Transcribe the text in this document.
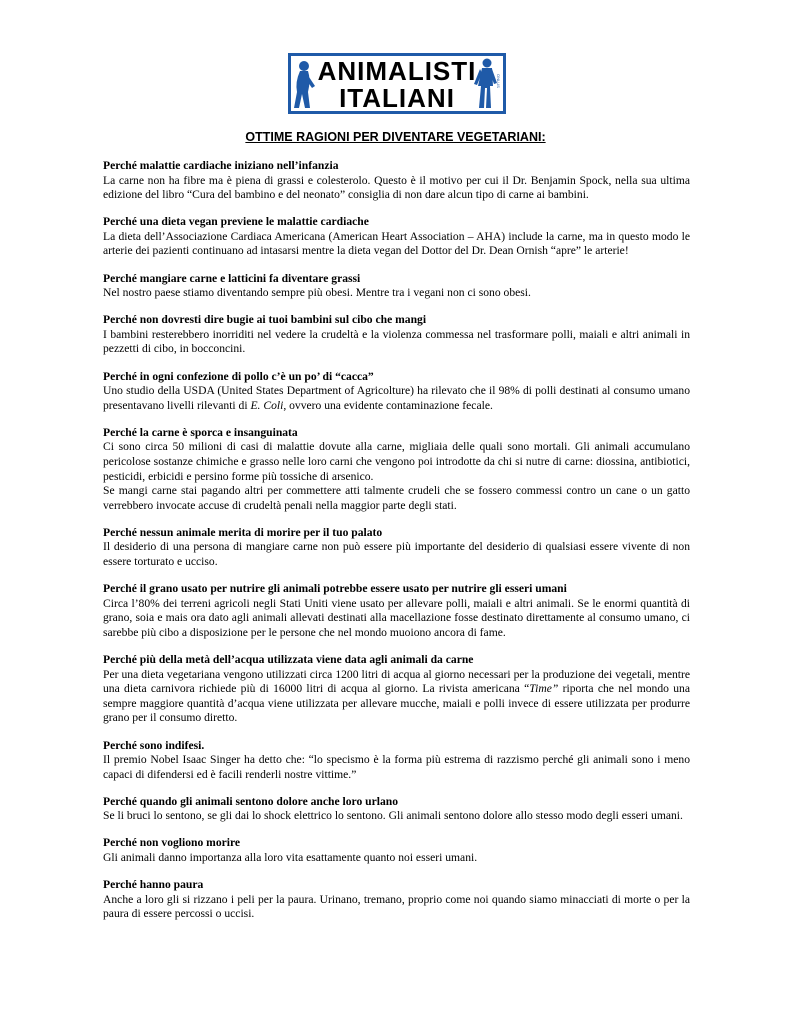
ONLUS
ANIMALISTI
ITALIANI
OTTIME RAGIONI PER DIVENTARE VEGETARIANI:
Perché malattie cardiache iniziano nell’infanzia

La carne non ha fibre ma è piena di grassi e colesterolo. Questo è il motivo per cui il Dr. Benjamin Spock, nella sua ultima edizione del libro “Cura del bambino e del neonato” consiglia di non dare alcun tipo di carne ai bambini.

Perché una dieta vegan previene le malattie cardiache

La dieta dell’Associazione Cardiaca Americana (American Heart Association – AHA) include la carne, ma in questo modo le arterie dei pazienti continuano ad intasarsi mentre la dieta vegan del Dottor del Dr. Dean Ornish “apre” le arterie!

Perché mangiare carne e latticini fa diventare grassi

Nel nostro paese stiamo diventando sempre più obesi. Mentre tra i vegani non ci sono obesi.

Perché non dovresti dire bugie ai tuoi bambini sul cibo che mangi

I bambini resterebbero inorriditi nel vedere la crudeltà e la violenza commessa nel trasformare polli, maiali e altri animali in pezzetti di cibo, in bocconcini.

Perché in ogni confezione di pollo c’è un po’ di “cacca”

Uno studio della USDA (United States Department of Agricolture) ha rilevato che il 98% di polli destinati al consumo umano presentavano livelli rilevanti di E. Coli, ovvero una evidente contaminazione fecale.

Perché la carne è sporca e insanguinata

Ci sono circa 50 milioni di casi di malattie dovute alla carne, migliaia delle quali sono mortali. Gli animali accumulano pericolose sostanze chimiche e grasso nelle loro carni che vengono poi introdotte da chi si nutre di carne: diossina, antibiotici, pesticidi, erbicidi e persino forme più tossiche di arsenico.

Se mangi carne stai pagando altri per commettere atti talmente crudeli che se fossero commessi contro un cane o un gatto verrebbero invocate accuse di crudeltà penali nella maggior parte degli stati.

Perché nessun animale merita di morire per il tuo palato

Il desiderio di una persona di mangiare carne non può essere più importante del desiderio di qualsiasi essere vivente di non essere torturato e ucciso.

Perché il grano usato per nutrire gli animali potrebbe essere usato per nutrire gli esseri umani

Circa l’80% dei terreni agricoli negli Stati Uniti viene usato per allevare polli, maiali e altri animali. Se le enormi quantità di grano, soia e mais ora dato agli animali allevati destinati alla macellazione fosse destinato direttamente al consumo umano, ci sarebbe più cibo a disposizione per le persone che nel mondo muoiono ancora di fame.

Perché più della metà dell’acqua utilizzata viene data agli animali da carne

Per una dieta vegetariana vengono utilizzati circa 1200 litri di acqua al giorno necessari per la produzione dei vegetali, mentre una dieta carnivora richiede più di 16000 litri di acqua al giorno. La rivista americana “Time” riporta che nel mondo una sempre maggiore quantità d’acqua viene utilizzata per allevare mucche, maiali e polli invece di essere utilizzata per produrre grano per il consumo diretto.

Perché sono indifesi.

Il premio Nobel Isaac Singer ha detto che: “lo specismo è la forma più estrema di razzismo perché gli animali sono i meno capaci di difendersi ed è facili renderli nostre vittime.”

Perché quando gli animali sentono dolore anche loro urlano

Se li bruci lo sentono, se gli dai lo shock elettrico lo sentono. Gli animali sentono dolore allo stesso modo degli esseri umani.

Perché non vogliono morire

Gli animali danno importanza alla loro vita esattamente quanto noi esseri umani.

Perché hanno paura

Anche a loro gli si rizzano i peli per la paura. Urinano, tremano, proprio come noi quando siamo minacciati di morte o per la paura di essere percossi o uccisi.
